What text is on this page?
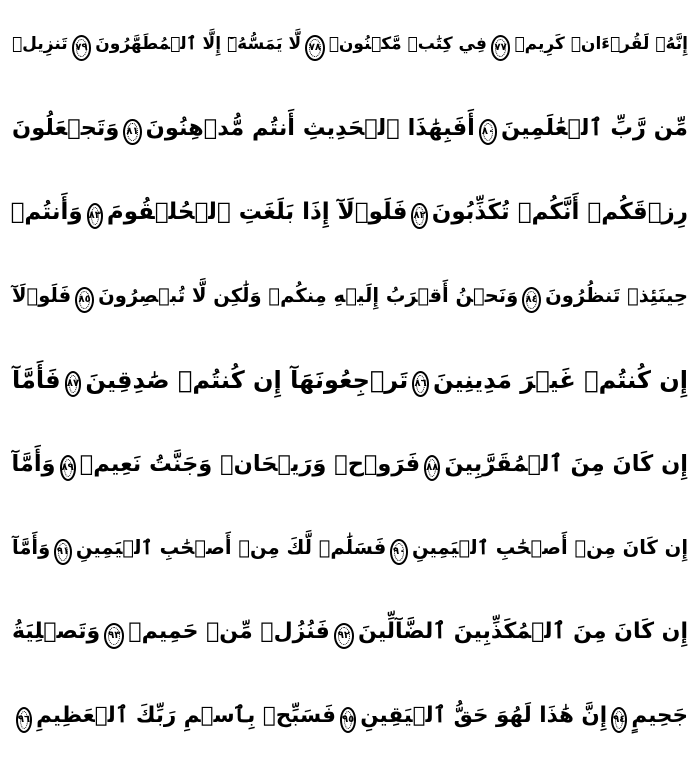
إِنَّهُۥ لَقُرۡءَانٞ كَرِيمٞ
٧٧
فِي كِتَٰبٖ مَّكۡنُونٖ
٧٨
لَّا يَمَسُّهُۥٓ إِلَّا ٱلۡمُطَهَّرُونَ
٧٩
تَنزِيلٞ
مِّن رَّبِّ ٱلۡعَٰلَمِينَ
٨٠
أَفَبِهَٰذَا ٱلۡحَدِيثِ أَنتُم مُّدۡهِنُونَ
٨١
وَتَجۡعَلُونَ
رِزۡقَكُمۡ أَنَّكُمۡ تُكَذِّبُونَ
٨٢
فَلَوۡلَآ إِذَا بَلَغَتِ ٱلۡحُلۡقُومَ
٨٣
وَأَنتُمۡ
حِينَئِذٖ تَنظُرُونَ
٨٤
وَنَحۡنُ أَقۡرَبُ إِلَيۡهِ مِنكُمۡ وَلَٰكِن لَّا تُبۡصِرُونَ
٨٥
فَلَوۡلَآ
إِن كُنتُمۡ غَيۡرَ مَدِينِينَ
٨٦
تَرۡجِعُونَهَآ إِن كُنتُمۡ صَٰدِقِينَ
٨٧
فَأَمَّآ
إِن كَانَ مِنَ ٱلۡمُقَرَّبِينَ
٨٨
فَرَوۡحٞ وَرَيۡحَانٞ وَجَنَّتُ نَعِيمٖ
٨٩
وَأَمَّآ
إِن كَانَ مِنۡ أَصۡحَٰبِ ٱلۡيَمِينِ
٩٠
فَسَلَٰمٞ لَّكَ مِنۡ أَصۡحَٰبِ ٱلۡيَمِينِ
٩١
وَأَمَّآ
إِن كَانَ مِنَ ٱلۡمُكَذِّبِينَ ٱلضَّآلِّينَ
٩٢
فَنُزُلٞ مِّنۡ حَمِيمٖ
٩٣
وَتَصۡلِيَةُ
جَحِيمٍ
٩٤
إِنَّ هَٰذَا لَهُوَ حَقُّ ٱلۡيَقِينِ
٩٥
فَسَبِّحۡ بِٱسۡمِ رَبِّكَ ٱلۡعَظِيمِ
٩٦
